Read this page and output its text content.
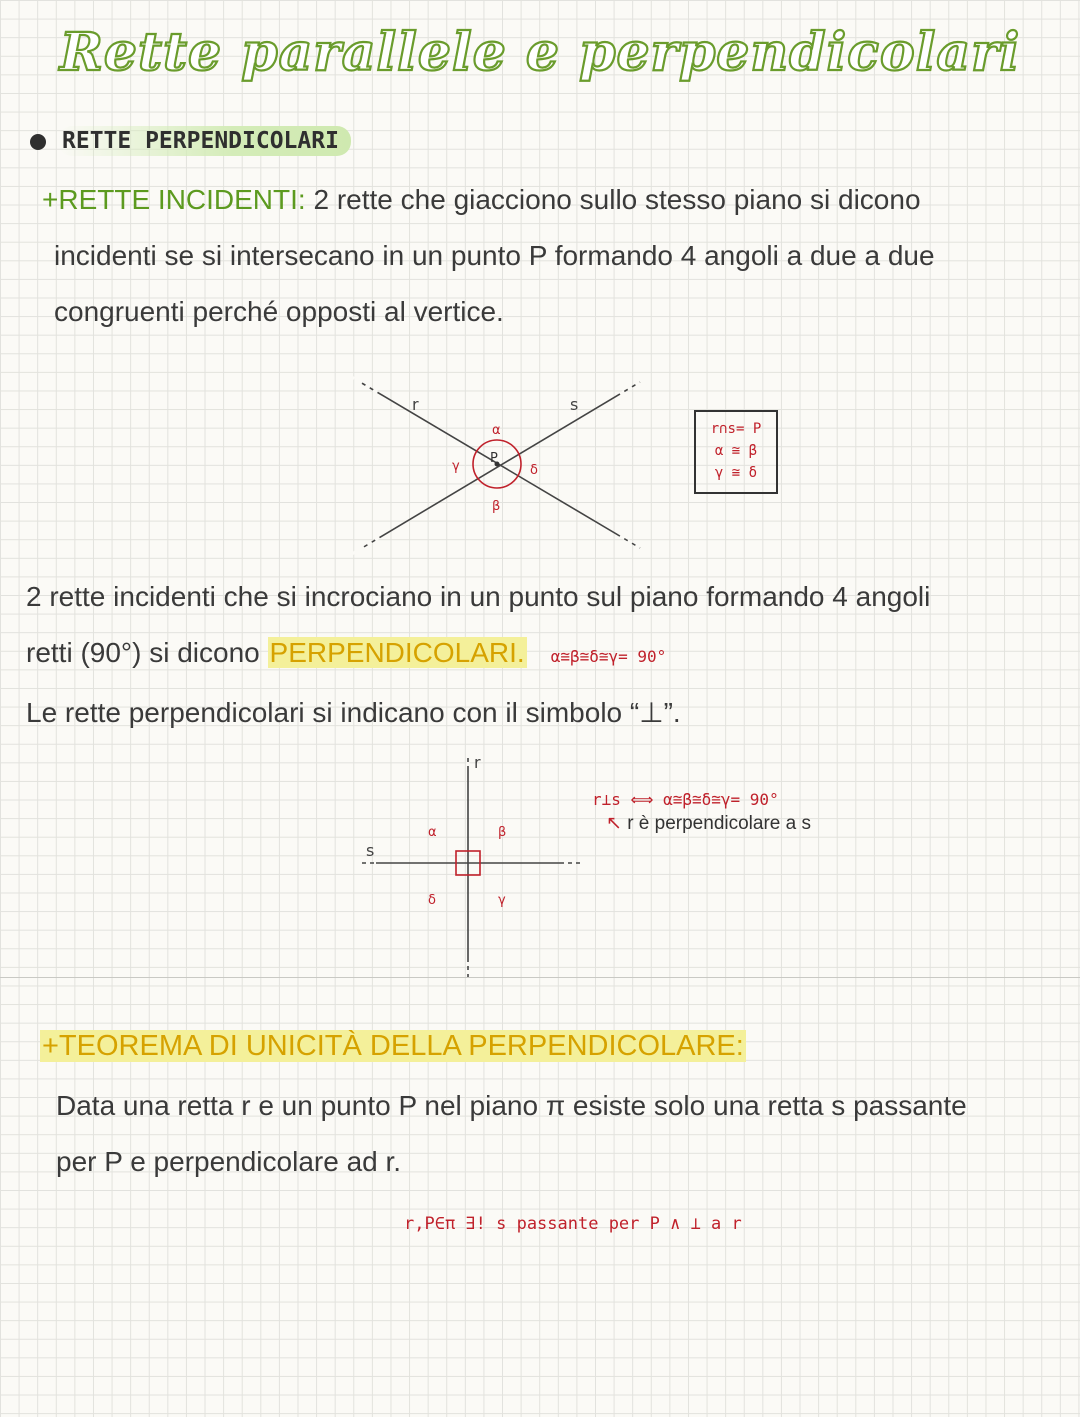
Rette parallele e perpendicolari
RETTE PERPENDICOLARI
+RETTE INCIDENTI: 2 rette che giacciono sullo stesso piano si dicono
incidenti se si intersecano in un punto P formando 4 angoli a due a due
congruenti perché opposti al vertice.
r	s
P
α
β
γ	δ
r∩s= P
α ≅ β
γ ≅ δ
2 rette incidenti che si incrociano in un punto sul piano formando 4 angoli
retti (90°) si dicono PERPENDICOLARI. α≅β≅δ≅γ= 90°
Le rette perpendicolari si indicano con il simbolo “⊥”.
r
s
α	β
γ
δ
r⊥s ⟺ α≅β≅δ≅γ= 90°
↖ r è perpendicolare a s
+TEOREMA DI UNICITÀ DELLA PERPENDICOLARE:
Data una retta r e un punto P nel piano π esiste solo una retta s passante
per P e perpendicolare ad r.
r,P∈π ∃! s passante per P ∧ ⊥ a r
